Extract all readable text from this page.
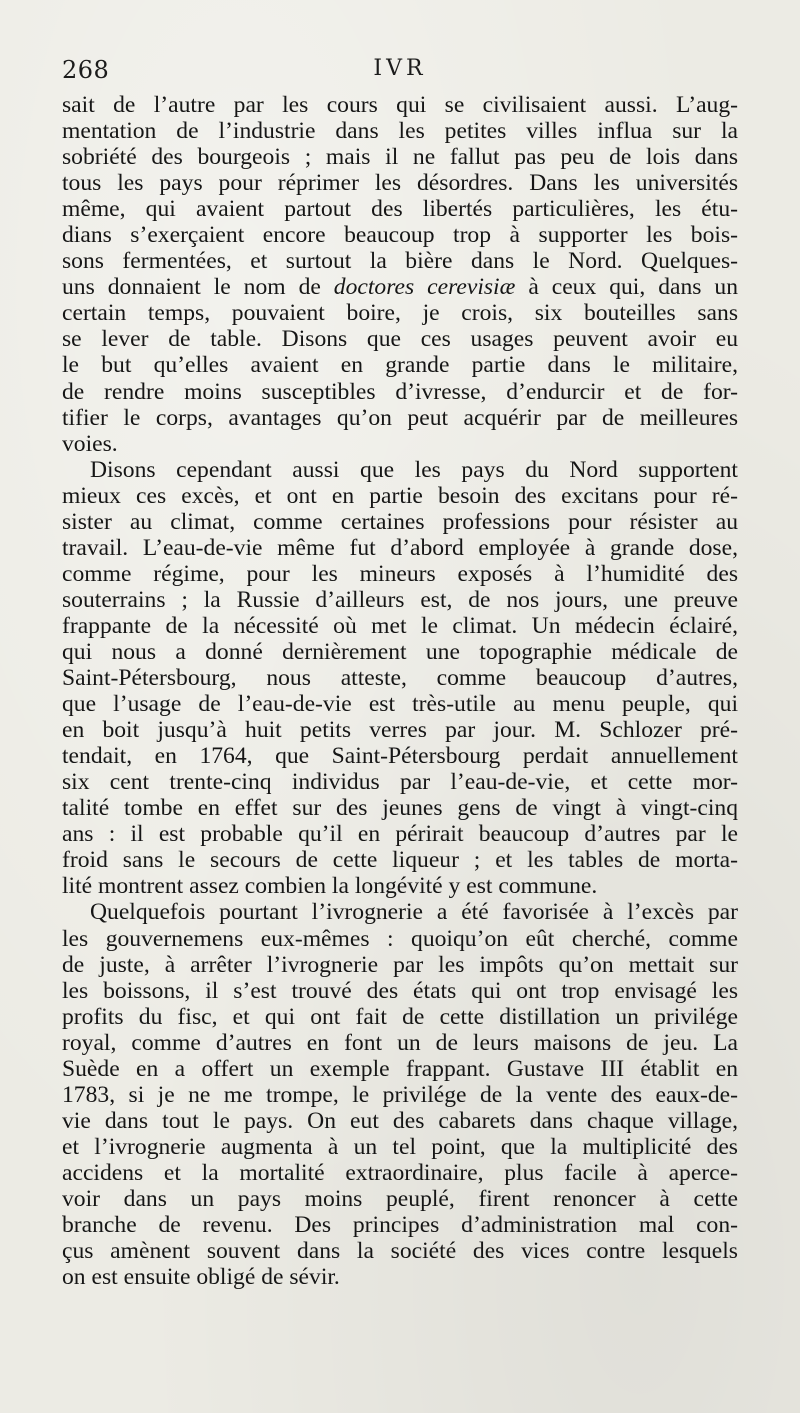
268	IVR
sait de l’autre par les cours qui se civilisaient aussi. L’aug-
mentation de l’industrie dans les petites villes influa sur la
sobriété des bourgeois ; mais il ne fallut pas peu de lois dans
tous les pays pour réprimer les désordres. Dans les universités
même, qui avaient partout des libertés particulières, les étu-
dians s’exerçaient encore beaucoup trop à supporter les bois-
sons fermentées, et surtout la bière dans le Nord. Quelques-
uns donnaient le nom de doctores cerevisiæ à ceux qui, dans un
certain temps, pouvaient boire, je crois, six bouteilles sans
se lever de table. Disons que ces usages peuvent avoir eu
le but qu’elles avaient en grande partie dans le militaire,
de rendre moins susceptibles d’ivresse, d’endurcir et de for-
tifier le corps, avantages qu’on peut acquérir par de meilleures
voies.
Disons cependant aussi que les pays du Nord supportent
mieux ces excès, et ont en partie besoin des excitans pour ré-
sister au climat, comme certaines professions pour résister au
travail. L’eau-de-vie même fut d’abord employée à grande dose,
comme régime, pour les mineurs exposés à l’humidité des
souterrains ; la Russie d’ailleurs est, de nos jours, une preuve
frappante de la nécessité où met le climat. Un médecin éclairé,
qui nous a donné dernièrement une topographie médicale de
Saint-Pétersbourg, nous atteste, comme beaucoup d’autres,
que l’usage de l’eau-de-vie est très-utile au menu peuple, qui
en boit jusqu’à huit petits verres par jour. M. Schlozer pré-
tendait, en 1764, que Saint-Pétersbourg perdait annuellement
six cent trente-cinq individus par l’eau-de-vie, et cette mor-
talité tombe en effet sur des jeunes gens de vingt à vingt-cinq
ans : il est probable qu’il en périrait beaucoup d’autres par le
froid sans le secours de cette liqueur ; et les tables de morta-
lité montrent assez combien la longévité y est commune.
Quelquefois pourtant l’ivrognerie a été favorisée à l’excès par
les gouvernemens eux-mêmes : quoiqu’on eût cherché, comme
de juste, à arrêter l’ivrognerie par les impôts qu’on mettait sur
les boissons, il s’est trouvé des états qui ont trop envisagé les
profits du fisc, et qui ont fait de cette distillation un privilége
royal, comme d’autres en font un de leurs maisons de jeu. La
Suède en a offert un exemple frappant. Gustave III établit en
1783, si je ne me trompe, le privilége de la vente des eaux-de-
vie dans tout le pays. On eut des cabarets dans chaque village,
et l’ivrognerie augmenta à un tel point, que la multiplicité des
accidens et la mortalité extraordinaire, plus facile à aperce-
voir dans un pays moins peuplé, firent renoncer à cette
branche de revenu. Des principes d’administration mal con-
çus amènent souvent dans la société des vices contre lesquels
on est ensuite obligé de sévir.
